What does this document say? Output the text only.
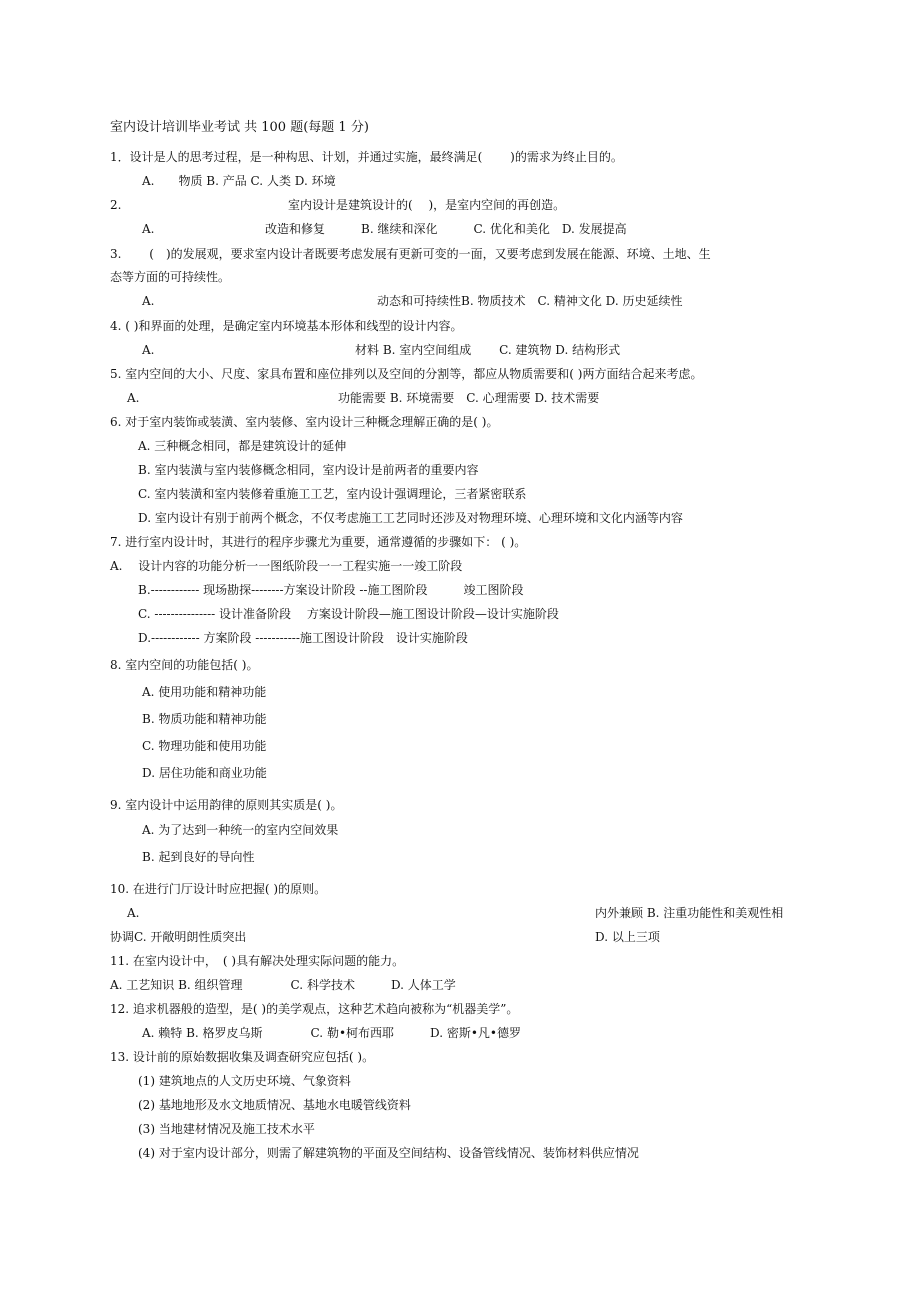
室内设计培训毕业考试 共 100 题(每题 1 分)
1．设计是人的思考过程，是一种构思、计划，并通过实施，最终满足(　　 )的需求为终止目的。
A.　　物质 B. 产品 C. 人类 D. 环境
2.	室内设计是建筑设计的(　 )，是室内空间的再创造。
A.	改造和修复　　　B. 继续和深化　　　C. 优化和美化　D. 发展提高
3.　　 (　)的发展观，要求室内设计者既要考虑发展有更新可变的一面，又要考虑到发展在能源、环境、土地、生
态等方面的可持续性。
A.	动态和可持续性B. 物质技术　C. 精神文化 D. 历史延续性
4. ( )和界面的处理，是确定室内环境基本形体和线型的设计内容。
A.	材料 B. 室内空间组成　　 C. 建筑物 D. 结构形式
5. 室内空间的大小、尺度、家具布置和座位排列以及空间的分割等，都应从物质需要和( )两方面结合起来考虑。
A.	功能需要 B. 环境需要　C. 心理需要 D. 技术需要
6. 对于室内装饰或装潢、室内装修、室内设计三种概念理解正确的是( )。
A. 三种概念相同，都是建筑设计的延伸
B. 室内装潢与室内装修概念相同，室内设计是前两者的重要内容
C. 室内装潢和室内装修着重施工工艺，室内设计强调理论，三者紧密联系
D. 室内设计有别于前两个概念，不仅考虑施工工艺同时还涉及对物理环境、心理环境和文化内涵等内容
7. 进行室内设计时，其进行的程序步骤尤为重要，通常遵循的步骤如下： ( )。
A.　 设计内容的功能分析一一图纸阶段一一工程实施一一竣工阶段
B.------------ 现场勘探--------方案设计阶段 --施工图阶段　　　竣工图阶段
C. --------------- 设计准备阶段　 方案设计阶段—施工图设计阶段—设计实施阶段
D.------------ 方案阶段 -----------施工图设计阶段　设计实施阶段
8. 室内空间的功能包括( )。
A. 使用功能和精神功能
B. 物质功能和精神功能
C. 物理功能和使用功能
D. 居住功能和商业功能
9. 室内设计中运用韵律的原则其实质是( )。
A. 为了达到一种统一的室内空间效果
B. 起到良好的导向性
10. 在进行门厅设计时应把握( )的原则。
A.	内外兼顾 B. 注重功能性和美观性相
协调C. 开敞明朗性质突出	D. 以上三项
11. 在室内设计中，　( )具有解决处理实际问题的能力。
A. 工艺知识 B. 组织管理　　　　C. 科学技术　　　D. 人体工学
12. 追求机器般的造型，是( )的美学观点，这种艺术趋向被称为“机器美学”。
A. 赖特 B. 格罗皮乌斯　　　　C. 勒•柯布西耶　　　D. 密斯•凡•德罗
13. 设计前的原始数据收集及调查研究应包括( )。
(1) 建筑地点的人文历史环境、气象资料
(2) 基地地形及水文地质情况、基地水电暖管线资料
(3) 当地建材情况及施工技术水平
(4) 对于室内设计部分，则需了解建筑物的平面及空间结构、设备管线情况、装饰材料供应情况
